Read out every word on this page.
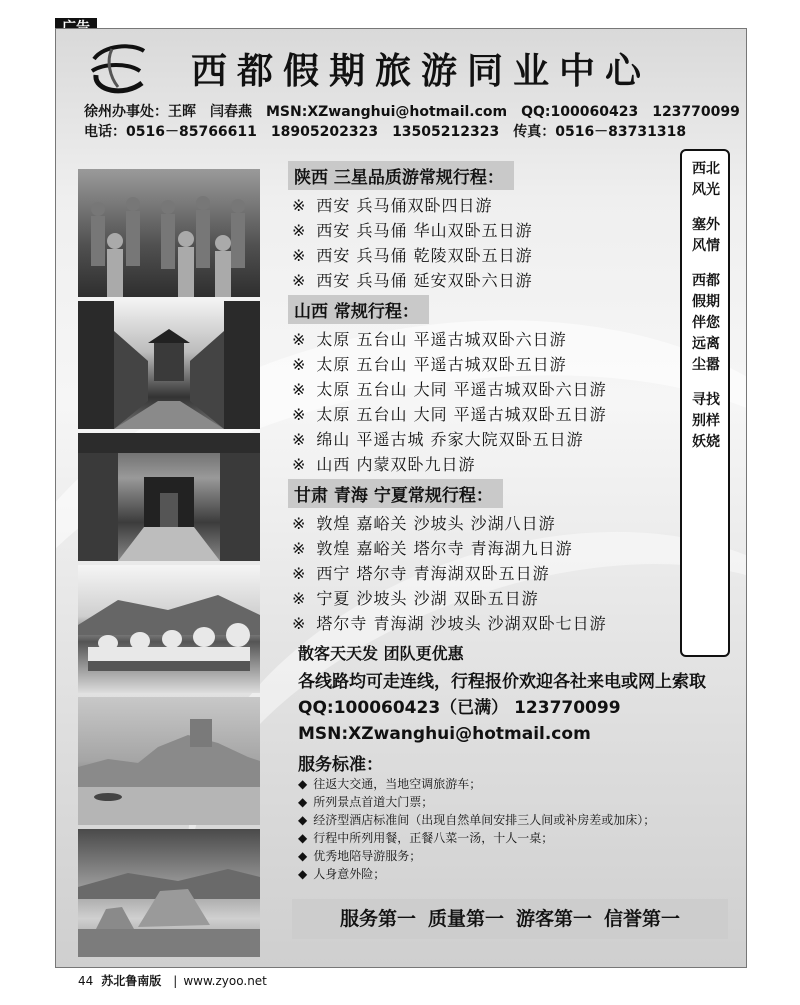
西都假期旅游同业中心
徐州办事处：王晖 闫春燕 MSN:XZwanghui@hotmail.com QQ:100060423 123770099
电话：0516－85766611 18905202323 13505212323 传真：0516－83731318
陕西 三星品质游常规行程：
※ 西安 兵马俑双卧四日游
※ 西安 兵马俑 华山双卧五日游
※ 西安 兵马俑 乾陵双卧五日游
※ 西安 兵马俑 延安双卧六日游
山西 常规行程：
※ 太原 五台山 平遥古城双卧六日游
※ 太原 五台山 平遥古城双卧五日游
※ 太原 五台山 大同 平遥古城双卧六日游
※ 太原 五台山 大同 平遥古城双卧五日游
※ 绵山 平遥古城 乔家大院双卧五日游
※ 山西 内蒙双卧九日游
甘肃 青海 宁夏常规行程：
※ 敦煌 嘉峪关 沙坡头 沙湖八日游
※ 敦煌 嘉峪关 塔尔寺 青海湖九日游
※ 西宁 塔尔寺 青海湖双卧五日游
※ 宁夏 沙坡头 沙湖 双卧五日游
※ 塔尔寺 青海湖 沙坡头 沙湖双卧七日游
西北风光
塞外风情
西都假期伴您远离尘嚣
寻找别样妖娆
散客天天发 团队更优惠
各线路均可走连线，行程报价欢迎各社来电或网上索取
QQ:100060423（已满） 123770099
MSN:XZwanghui@hotmail.com
服务标准：
◆ 往返大交通，当地空调旅游车；
◆ 所列景点首道大门票；
◆ 经济型酒店标准间（出现自然单间安排三人间或补房差或加床）；
◆ 行程中所列用餐，正餐八菜一汤，十人一桌；
◆ 优秀地陪导游服务；
◆ 人身意外险；
服务第一 质量第一 游客第一 信誉第一
44 苏北鲁南版 | www.zyoo.net
